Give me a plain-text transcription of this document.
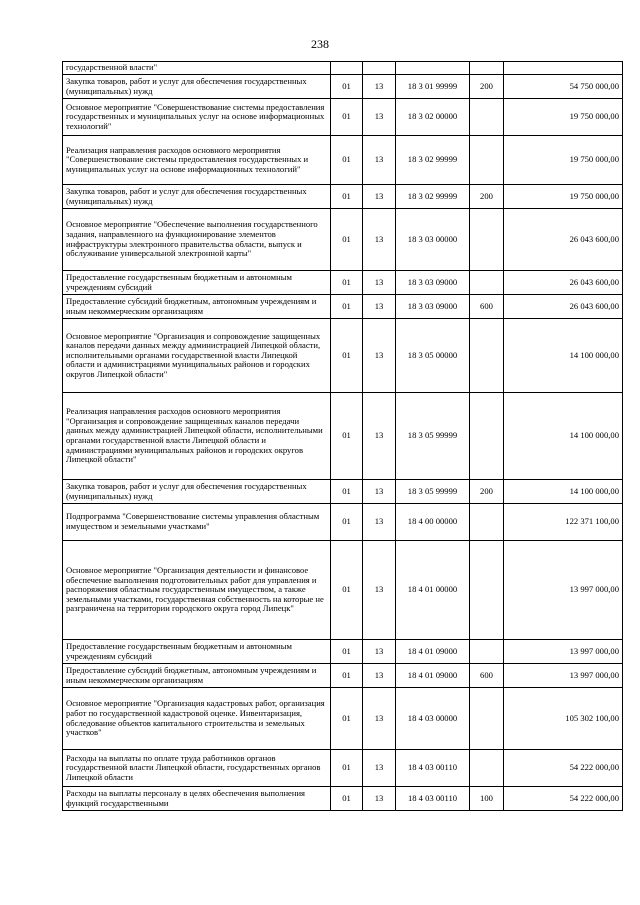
238
государственной власти"					
Закупка товаров, работ и услуг для обеспечения государственных (муниципальных) нужд	01	13	18 3 01 99999	200	54 750 000,00
Основное мероприятие "Совершенствование системы предоставления государственных и муниципальных услуг на основе информационных технологий"	01	13	18 3 02 00000		19 750 000,00
Реализация направления расходов основного мероприятия "Совершенствование системы предоставления государственных и муниципальных услуг на основе информационных технологий"	01	13	18 3 02 99999		19 750 000,00
Закупка товаров, работ и услуг для обеспечения государственных (муниципальных) нужд	01	13	18 3 02 99999	200	19 750 000,00
Основное мероприятие "Обеспечение выполнения государственного задания, направленного на функционирование элементов инфраструктуры электронного правительства области, выпуск и обслуживание универсальной электронной карты"	01	13	18 3 03 00000		26 043 600,00
Предоставление государственным бюджетным и автономным учреждениям субсидий	01	13	18 3 03 09000		26 043 600,00
Предоставление субсидий бюджетным, автономным учреждениям и иным некоммерческим организациям	01	13	18 3 03 09000	600	26 043 600,00
Основное мероприятие "Организация и сопровождение защищенных каналов передачи данных между администрацией Липецкой области, исполнительными органами государственной власти Липецкой области и администрациями муниципальных районов и городских округов Липецкой области"	01	13	18 3 05 00000		14 100 000,00
Реализация направления расходов основного мероприятия "Организация и сопровождение защищенных каналов передачи данных между администрацией Липецкой области, исполнительными органами государственной власти Липецкой области и администрациями муниципальных районов и городских округов Липецкой области"	01	13	18 3 05 99999		14 100 000,00
Закупка товаров, работ и услуг для обеспечения государственных (муниципальных) нужд	01	13	18 3 05 99999	200	14 100 000,00
Подпрограмма "Совершенствование системы управления областным имуществом и земельными участками"	01	13	18 4 00 00000		122 371 100,00
Основное мероприятие "Организация деятельности и финансовое обеспечение выполнения подготовительных работ для управления и распоряжения областным государственным имуществом, а также земельными участками, государственная собственность на которые не разграничена на территории городского округа город Липецк"	01	13	18 4 01 00000		13 997 000,00
Предоставление государственным бюджетным и автономным учреждениям субсидий	01	13	18 4 01 09000		13 997 000,00
Предоставление субсидий бюджетным, автономным учреждениям и иным некоммерческим организациям	01	13	18 4 01 09000	600	13 997 000,00
Основное мероприятие "Организация кадастровых работ, организация работ по государственной кадастровой оценке. Инвентаризация, обследование объектов капитального строительства и земельных участков"	01	13	18 4 03 00000		105 302 100,00
Расходы на выплаты по оплате труда работников органов государственной власти Липецкой области, государственных органов Липецкой области	01	13	18 4 03 00110		54 222 000,00
Расходы на выплаты персоналу в целях обеспечения выполнения функций государственными	01	13	18 4 03 00110	100	54 222 000,00
